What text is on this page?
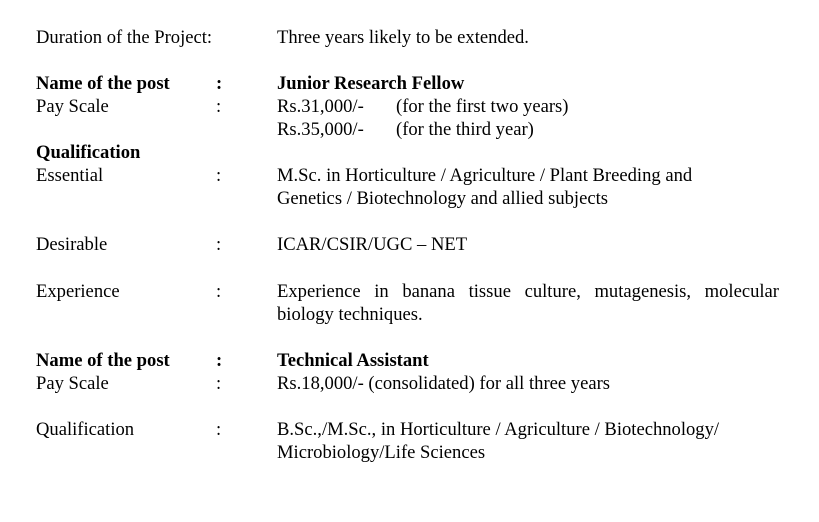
Duration of the Project:	Three years likely to be extended.
Name of the post :	Junior Research Fellow
Pay Scale	:	Rs.31,000/- (for the first two years)
Rs.35,000/- (for the third year)
Qualification
Essential	:	M.Sc. in Horticulture / Agriculture / Plant Breeding and
Genetics / Biotechnology and allied subjects
Desirable	:	ICAR/CSIR/UGC – NET
Experience	:	Experience in banana tissue culture, mutagenesis, molecular
biology techniques.
Name of the post :	Technical Assistant
Pay Scale	:	Rs.18,000/- (consolidated) for all three years
Qualification	:	B.Sc.,/M.Sc., in Horticulture / Agriculture / Biotechnology/
Microbiology/Life Sciences
